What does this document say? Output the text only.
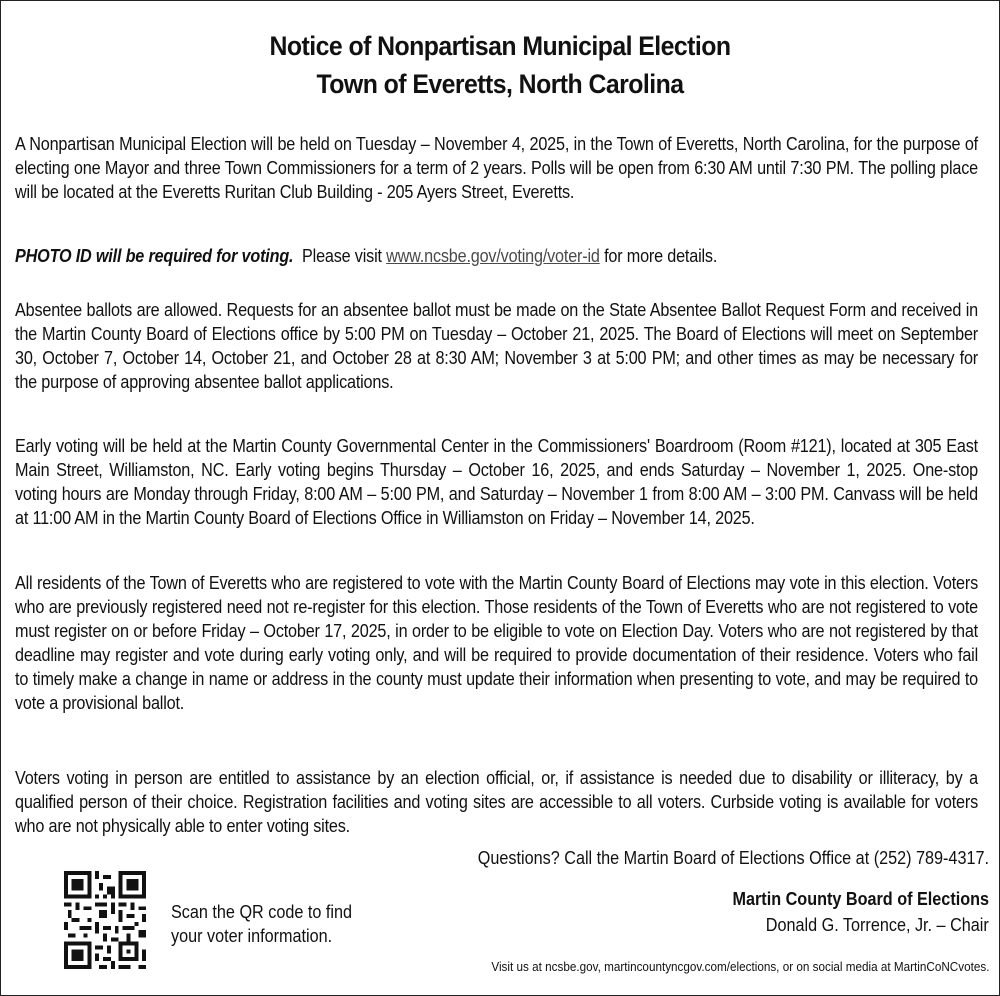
Notice of Nonpartisan Municipal Election
Town of Everetts, North Carolina
A Nonpartisan Municipal Election will be held on Tuesday – November 4, 2025, in the Town of Everetts, North Carolina, for the purpose of electing one Mayor and three Town Commissioners for a term of 2 years. Polls will be open from 6:30 AM until 7:30 PM. The polling place will be located at the Everetts Ruritan Club Building - 205 Ayers Street, Everetts.
PHOTO ID will be required for voting. Please visit www.ncsbe.gov/voting/voter-id for more details.
Absentee ballots are allowed. Requests for an absentee ballot must be made on the State Absentee Ballot Request Form and received in the Martin County Board of Elections office by 5:00 PM on Tuesday – October 21, 2025. The Board of Elections will meet on September 30, October 7, October 14, October 21, and October 28 at 8:30 AM; November 3 at 5:00 PM; and other times as may be necessary for the purpose of approving absentee ballot applications.
Early voting will be held at the Martin County Governmental Center in the Commissioners' Boardroom (Room #121), located at 305 East Main Street, Williamston, NC. Early voting begins Thursday – October 16, 2025, and ends Saturday – November 1, 2025. One-stop voting hours are Monday through Friday, 8:00 AM – 5:00 PM, and Saturday – November 1 from 8:00 AM – 3:00 PM. Canvass will be held at 11:00 AM in the Martin County Board of Elections Office in Williamston on Friday – November 14, 2025.
All residents of the Town of Everetts who are registered to vote with the Martin County Board of Elections may vote in this election. Voters who are previously registered need not re-register for this election. Those residents of the Town of Everetts who are not registered to vote must register on or before Friday – October 17, 2025, in order to be eligible to vote on Election Day. Voters who are not registered by that deadline may register and vote during early voting only, and will be required to provide documentation of their residence. Voters who fail to timely make a change in name or address in the county must update their information when presenting to vote, and may be required to vote a provisional ballot.
Voters voting in person are entitled to assistance by an election official, or, if assistance is needed due to disability or illiteracy, by a qualified person of their choice. Registration facilities and voting sites are accessible to all voters. Curbside voting is available for voters who are not physically able to enter voting sites.
Questions? Call the Martin Board of Elections Office at (252) 789-4317.
Scan the QR code to find
your voter information.
Martin County Board of Elections
Donald G. Torrence, Jr. – Chair
Visit us at ncsbe.gov, martincountyncgov.com/elections, or on social media at MartinCoNCvotes.
